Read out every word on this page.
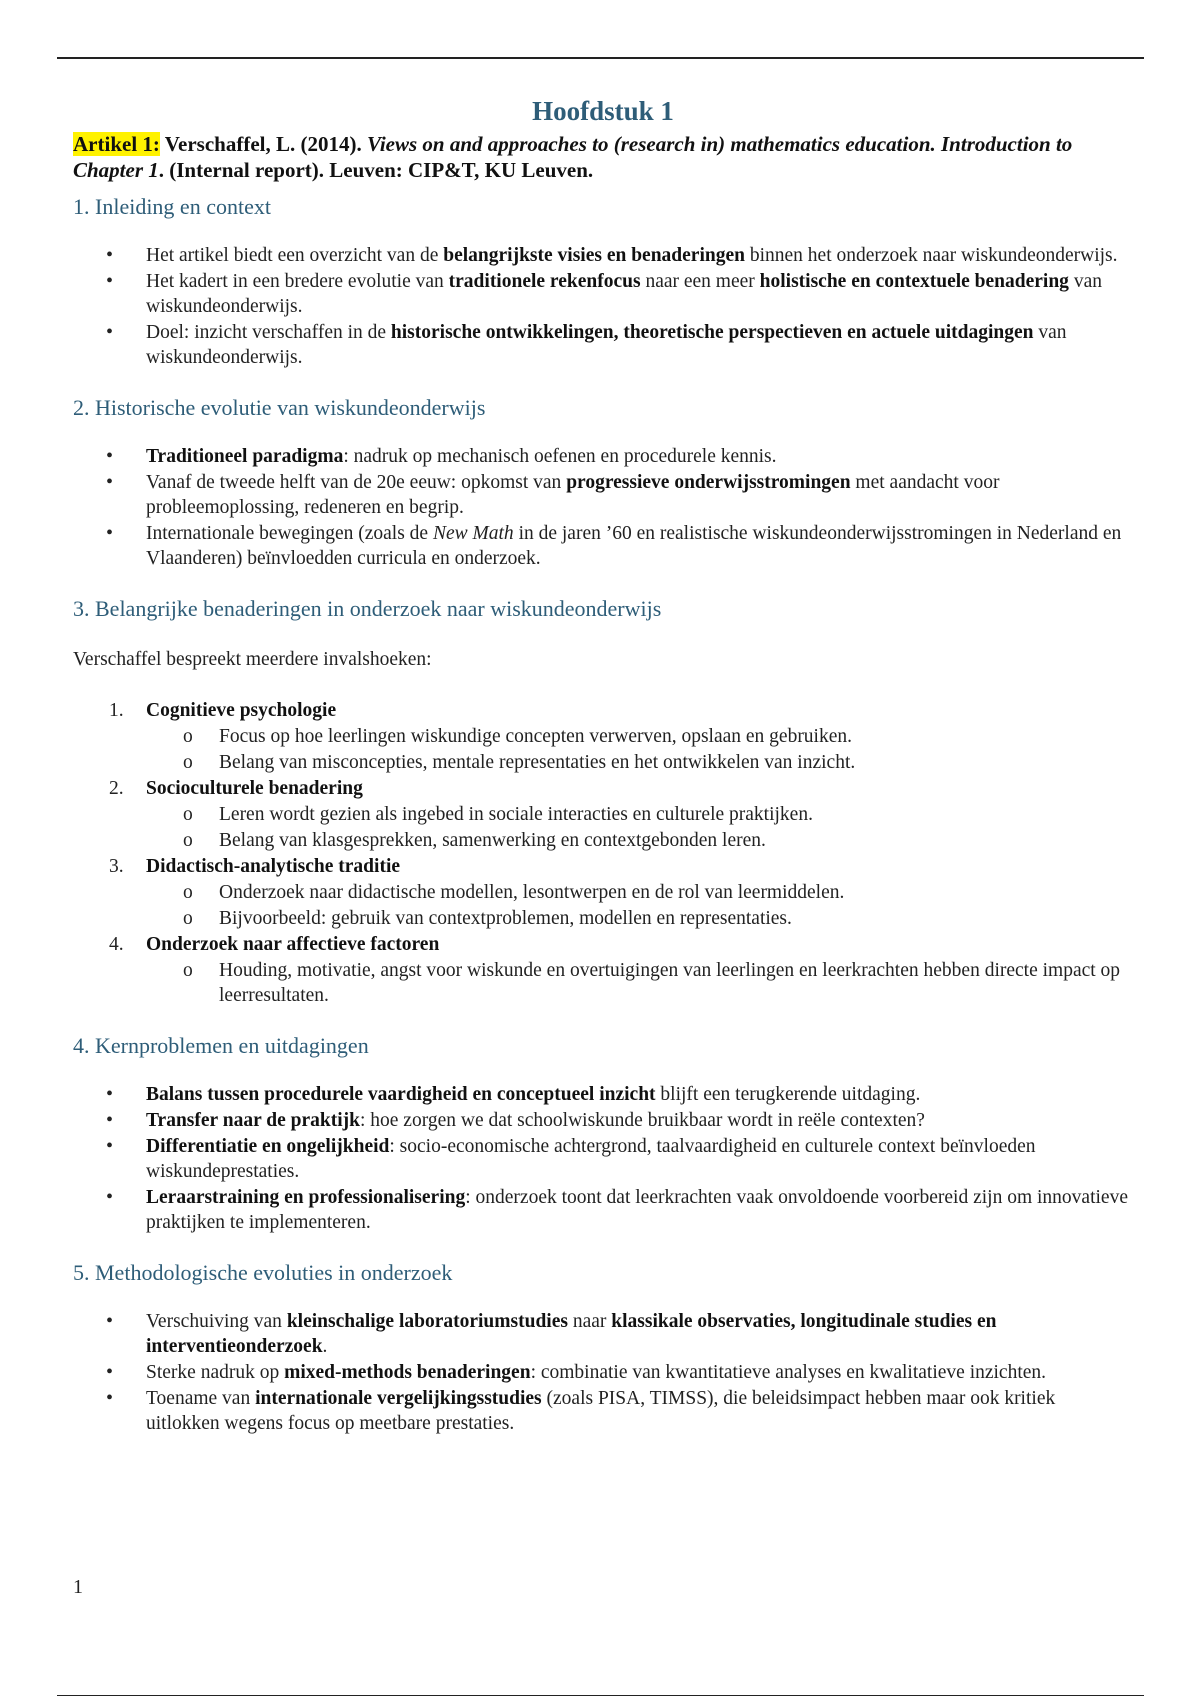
Hoofdstuk 1

Artikel 1: Verschaffel, L. (2014). Views on and approaches to (research in) mathematics education. Introduction to Chapter 1. (Internal report). Leuven: CIP&T, KU Leuven.

1. Inleiding en context
• Het artikel biedt een overzicht van de belangrijkste visies en benaderingen binnen het onderzoek naar wiskundeonderwijs.
• Het kadert in een bredere evolutie van traditionele rekenfocus naar een meer holistische en contextuele benadering van wiskundeonderwijs.
• Doel: inzicht verschaffen in de historische ontwikkelingen, theoretische perspectieven en actuele uitdagingen van wiskundeonderwijs.
2. Historische evolutie van wiskundeonderwijs
• Traditioneel paradigma: nadruk op mechanisch oefenen en procedurele kennis.
• Vanaf de tweede helft van de 20e eeuw: opkomst van progressieve onderwijsstromingen met aandacht voor probleemoplossing, redeneren en begrip.
• Internationale bewegingen (zoals de New Math in de jaren ’60 en realistische wiskundeonderwijsstromingen in Nederland en Vlaanderen) beïnvloedden curricula en onderzoek.
3. Belangrijke benaderingen in onderzoek naar wiskundeonderwijs

Verschaffel bespreekt meerdere invalshoeken:

1. Cognitieve psychologie
o Focus op hoe leerlingen wiskundige concepten verwerven, opslaan en gebruiken.
o Belang van misconcepties, mentale representaties en het ontwikkelen van inzicht.
2. Socioculturele benadering
o Leren wordt gezien als ingebed in sociale interacties en culturele praktijken.
o Belang van klasgesprekken, samenwerking en contextgebonden leren.
3. Didactisch-analytische traditie
o Onderzoek naar didactische modellen, lesontwerpen en de rol van leermiddelen.
o Bijvoorbeeld: gebruik van contextproblemen, modellen en representaties.
4. Onderzoek naar affectieve factoren
o Houding, motivatie, angst voor wiskunde en overtuigingen van leerlingen en leerkrachten hebben directe impact op leerresultaten.
4. Kernproblemen en uitdagingen
• Balans tussen procedurele vaardigheid en conceptueel inzicht blijft een terugkerende uitdaging.
• Transfer naar de praktijk: hoe zorgen we dat schoolwiskunde bruikbaar wordt in reële contexten?
• Differentiatie en ongelijkheid: socio-economische achtergrond, taalvaardigheid en culturele context beïnvloeden wiskundeprestaties.
• Leraarstraining en professionalisering: onderzoek toont dat leerkrachten vaak onvoldoende voorbereid zijn om innovatieve praktijken te implementeren.
5. Methodologische evoluties in onderzoek
• Verschuiving van kleinschalige laboratoriumstudies naar klassikale observaties, longitudinale studies en interventieonderzoek.
• Sterke nadruk op mixed-methods benaderingen: combinatie van kwantitatieve analyses en kwalitatieve inzichten.
• Toename van internationale vergelijkingsstudies (zoals PISA, TIMSS), die beleidsimpact hebben maar ook kritiek uitlokken wegens focus op meetbare prestaties.
1
